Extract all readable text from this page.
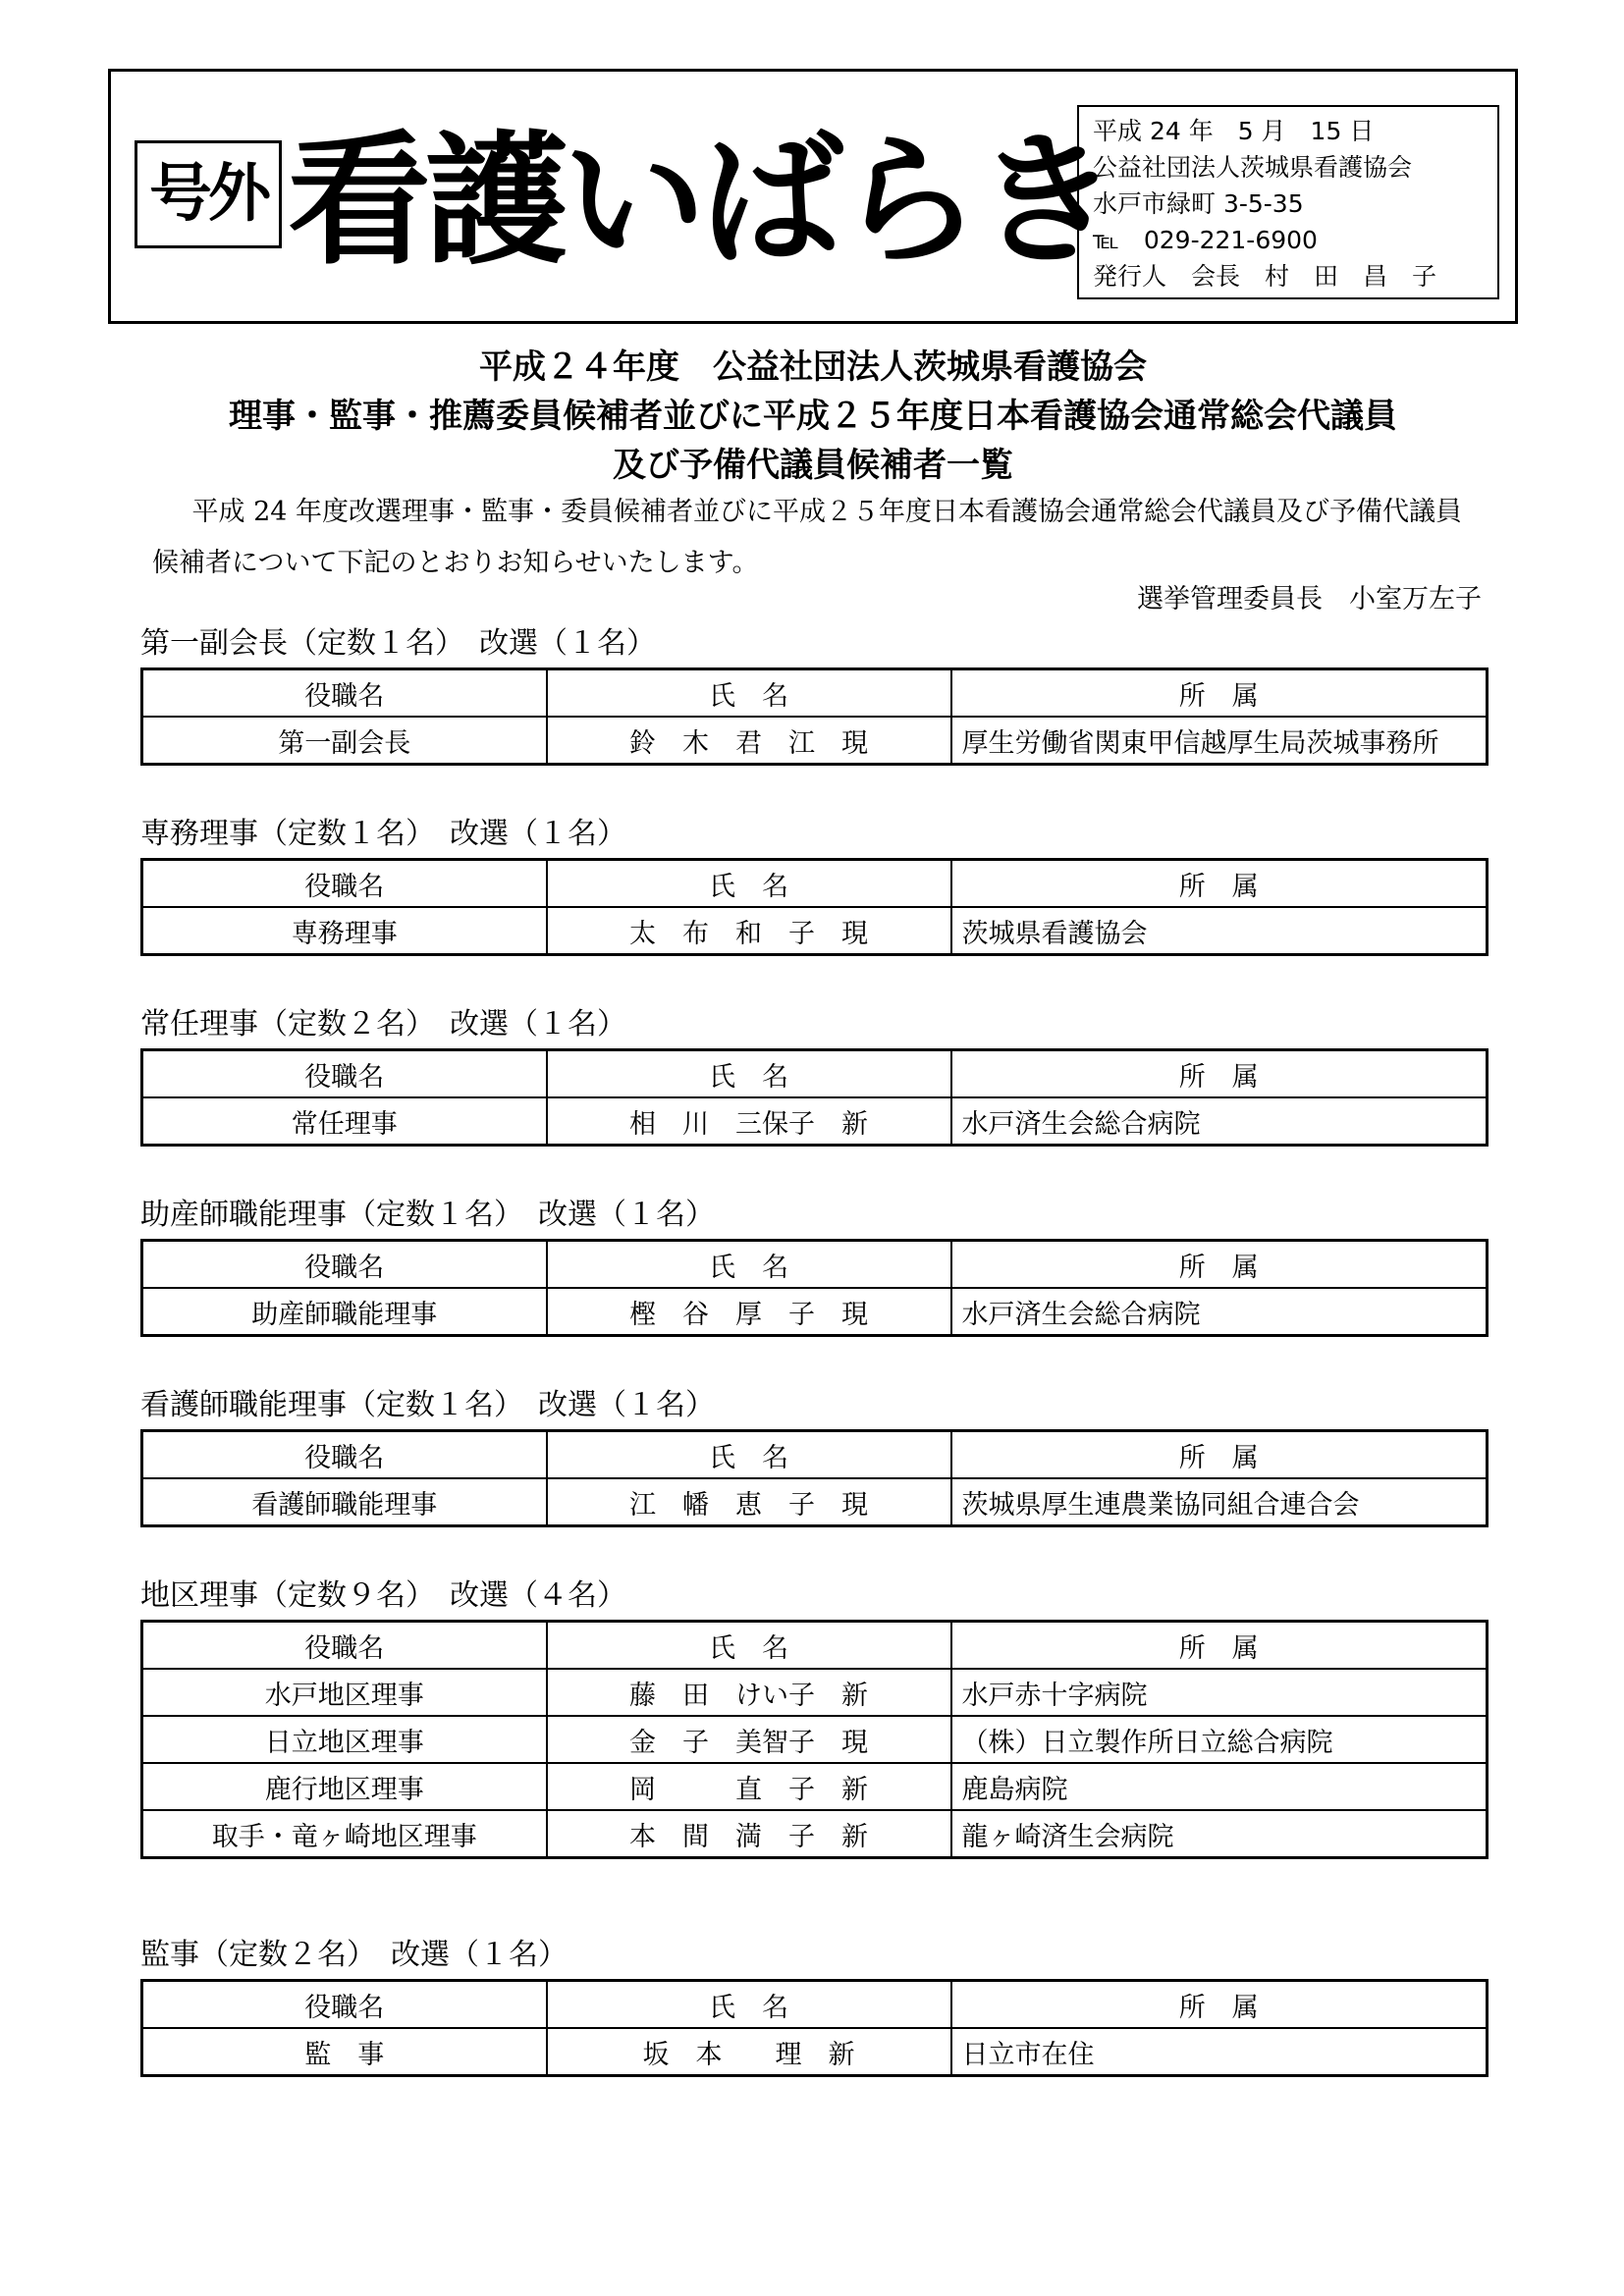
号外 看護いばらき
平成 24 年　5 月　15 日
公益社団法人茨城県看護協会
水戸市緑町 3-5-35
℡　029-221-6900
発行人　会長　村　田　昌　子
平成２４年度　公益社団法人茨城県看護協会
理事・監事・推薦委員候補者並びに平成２５年度日本看護協会通常総会代議員
及び予備代議員候補者一覧
平成 24 年度改選理事・監事・委員候補者並びに平成２５年度日本看護協会通常総会代議員及び予備代議員候補者について下記のとおりお知らせいたします。
選挙管理委員長　小室万左子
第一副会長（定数１名）　改選（１名）
役職名	氏　名	所　属
第一副会長	鈴　木　君　江　現	厚生労働省関東甲信越厚生局茨城事務所
専務理事（定数１名）　改選（１名）
役職名	氏　名	所　属
専務理事	太　布　和　子　現	茨城県看護協会
常任理事（定数２名）　改選（１名）
役職名	氏　名	所　属
常任理事	相　川　三保子　新	水戸済生会総合病院
助産師職能理事（定数１名）　改選（１名）
役職名	氏　名	所　属
助産師職能理事	樫　谷　厚　子　現	水戸済生会総合病院
看護師職能理事（定数１名）　改選（１名）
役職名	氏　名	所　属
看護師職能理事	江　幡　恵　子　現	茨城県厚生連農業協同組合連合会
地区理事（定数９名）　改選（４名）
役職名	氏　名	所　属
水戸地区理事	藤　田　けい子　新	水戸赤十字病院
日立地区理事	金　子　美智子　現	（株）日立製作所日立総合病院
鹿行地区理事	岡　　　直　子　新	鹿島病院
取手・竜ヶ崎地区理事	本　間　満　子　新	龍ヶ崎済生会病院
監事（定数２名）　改選（１名）
役職名	氏　名	所　属
監　事	坂　本　　理　新	日立市在住
